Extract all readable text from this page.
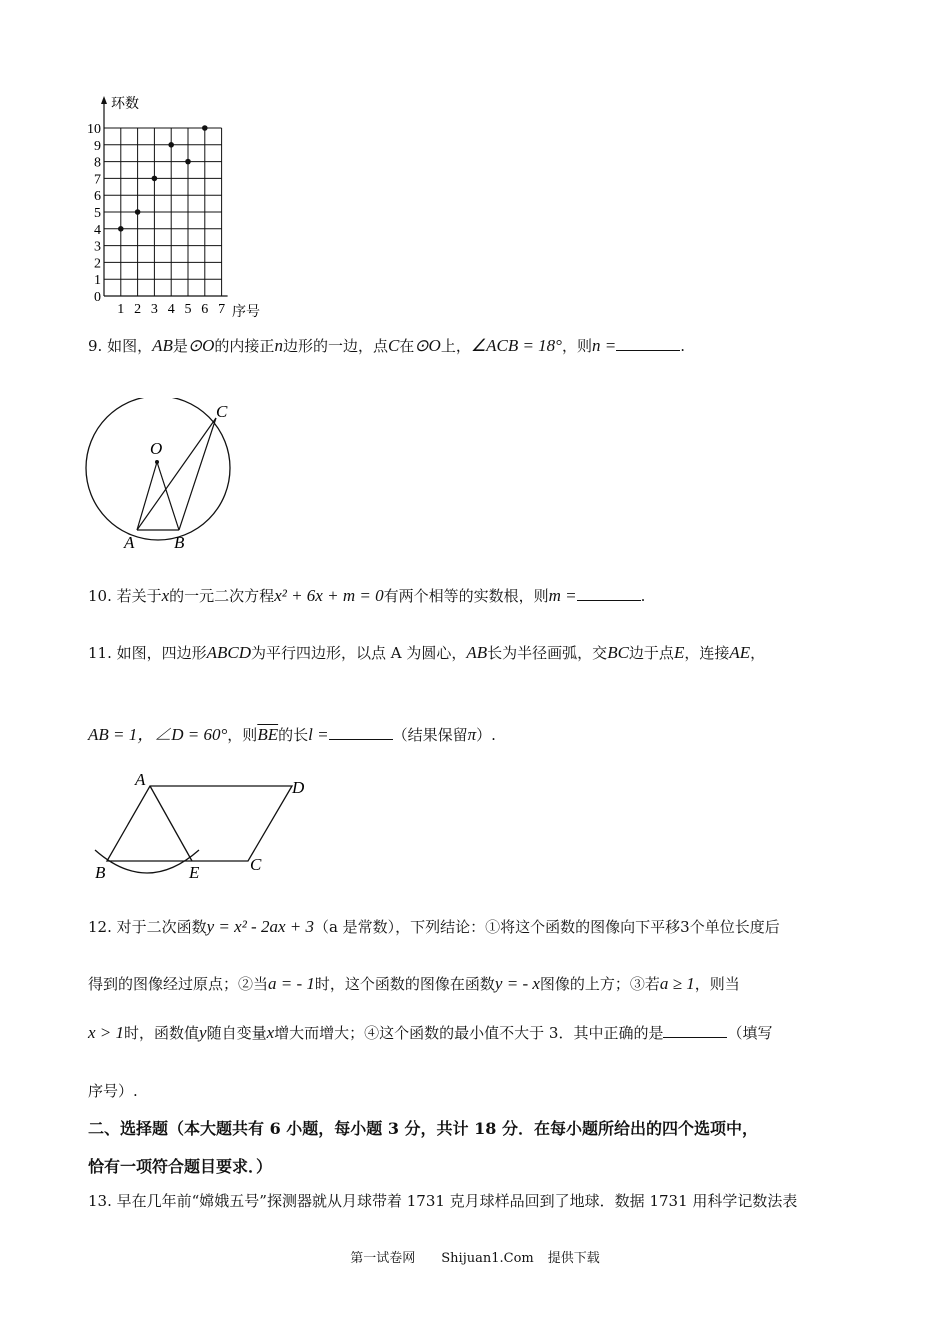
0
1
2
3
4
5
6
7
8
9
10
1 2 3 4 5 6 7
环数
序号
9. 如图，AB是⊙O的内接正n边形的一边，点C在⊙O上，∠ACB = 18°，则n =	.
O
A B
C
10. 若关于x的一元二次方程x² + 6x + m = 0有两个相等的实数根，则m =	.
11. 如图，四边形ABCD为平行四边形，以点 A 为圆心，AB长为半径画弧，交BC边于点E，连接AE，
AB = 1，∠D = 60°，则$\overline{BE}$的长l =	（结果保留π）.
A	D
C
B	E
12. 对于二次函数y = x² - 2ax + 3（a 是常数），下列结论：①将这个函数的图像向下平移3个单位长度后
得到的图像经过原点；②当a = - 1时，这个函数的图像在函数y = - x图像的上方；③若a ≥ 1，则当
x > 1时，函数值y随自变量x增大而增大；④这个函数的最小值不大于 3．其中正确的是	（填写
序号）.
二、选择题（本大题共有 6 小题，每小题 3 分，共计 18 分．在每小题所给出的四个选项中，
恰有一项符合题目要求．）
13. 早在几年前“嫦娥五号”探测器就从月球带着 1731 克月球样品回到了地球．数据 1731 用科学记数法表
第一试卷网 Shijuan1.Com 提供下载
